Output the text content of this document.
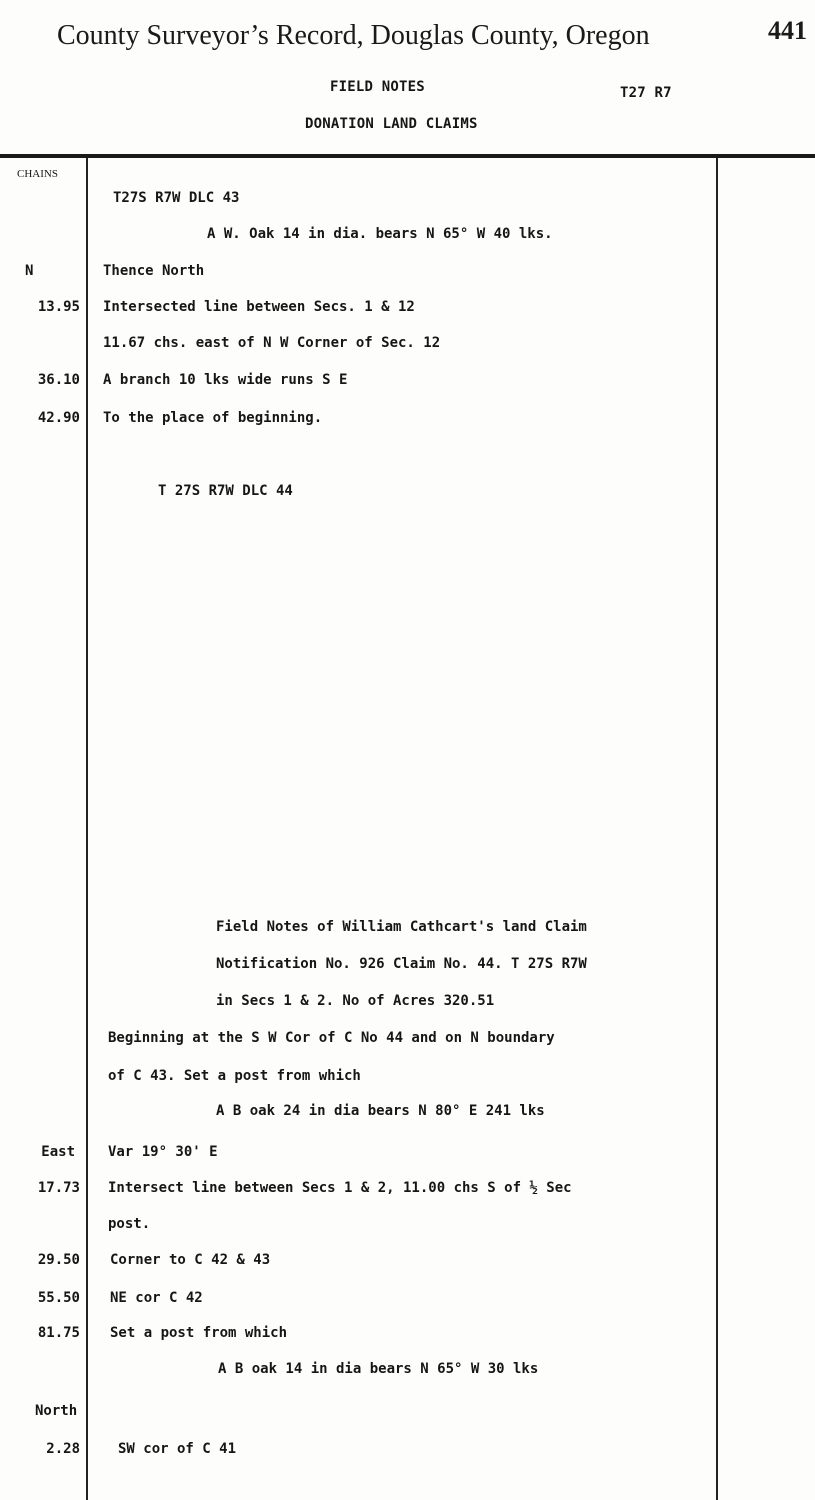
County Surveyor’s Record, Douglas County, Oregon	441
FIELD NOTES	T27 R7
DONATION LAND CLAIMS
CHAINS
T27S R7W DLC 43
A W. Oak 14 in dia. bears N 65° W 40 lks.
N	Thence North
13.95 Intersected line between Secs. 1 & 12
11.67 chs. east of N W Corner of Sec. 12
36.10 A branch 10 lks wide runs S E
42.90 To the place of beginning.
T 27S R7W DLC 44
Field Notes of William Cathcart's land Claim
Notification No. 926 Claim No. 44. T 27S R7W
in Secs 1 & 2. No of Acres 320.51
Beginning at the S W Cor of C No 44 and on N boundary
of C 43. Set a post from which
A B oak 24 in dia bears N 80° E 241 lks
East Var 19° 30' E
17.73 Intersect line between Secs 1 & 2, 11.00 chs S of ½ Sec
post.
29.50 Corner to C 42 & 43
55.50 NE cor C 42
81.75 Set a post from which
A B oak 14 in dia bears N 65° W 30 lks
North
2.28	SW cor of C 41
